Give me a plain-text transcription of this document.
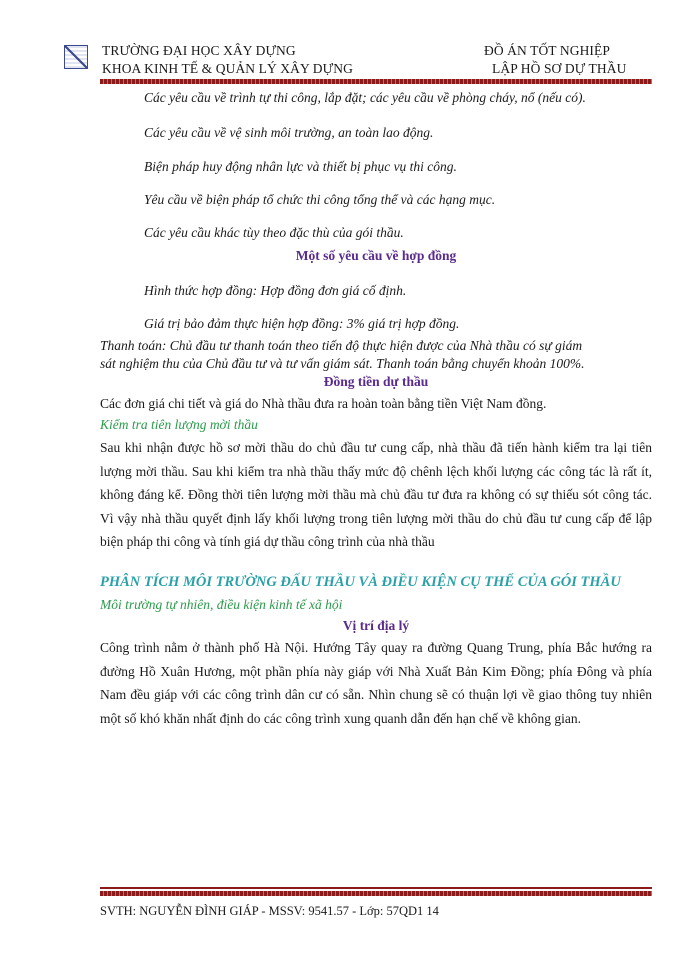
TRƯỜNG ĐẠI HỌC XÂY DỰNG
KHOA KINH TẾ & QUẢN LÝ XÂY DỰNG
ĐỒ ÁN TỐT NGHIỆP
LẬP HỒ SƠ DỰ THẦU
Các yêu cầu về trình tự thi công, lắp đặt; các yêu cầu về phòng cháy, nổ (nếu có).
Các yêu cầu về vệ sinh môi trường, an toàn lao động.
Biện pháp huy động nhân lực và thiết bị phục vụ thi công.
Yêu cầu về biện pháp tổ chức thi công tổng thể và các hạng mục.
Các yêu cầu khác tùy theo đặc thù của gói thầu.
Một số yêu cầu về hợp đồng
Hình thức hợp đồng: Hợp đồng đơn giá cố định.
Giá trị bảo đảm thực hiện hợp đồng: 3% giá trị hợp đồng.
Thanh toán: Chủ đầu tư thanh toán theo tiến độ thực hiện được của Nhà thầu có sự giám
sát nghiệm thu của Chủ đầu tư và tư vấn giám sát. Thanh toán bằng chuyển khoản 100%.
Đồng tiền dự thầu
Các đơn giá chi tiết và giá do Nhà thầu đưa ra hoàn toàn bằng tiền Việt Nam đồng.
Kiểm tra tiên lượng mời thầu
Sau khi nhận được hồ sơ mời thầu do chủ đầu tư cung cấp, nhà thầu đã tiến hành kiểm tra lại tiên lượng mời thầu. Sau khi kiểm tra nhà thầu thấy mức độ chênh lệch khối lượng các công tác là rất ít, không đáng kể. Đồng thời tiên lượng mời thầu mà chủ đầu tư đưa ra không có sự thiếu sót công tác. Vì vậy nhà thầu quyết định lấy khối lượng trong tiên lượng mời thầu do chủ đầu tư cung cấp để lập biện pháp thi công và tính giá dự thầu công trình của nhà thầu
PHÂN TÍCH MÔI TRƯỜNG ĐẤU THẦU VÀ ĐIỀU KIỆN CỤ THỂ CỦA GÓI THẦU
Môi trường tự nhiên, điều kiện kinh tế xã hội
Vị trí địa lý
Công trình nằm ở thành phố Hà Nội. Hướng Tây quay ra đường Quang Trung, phía Bắc hướng ra đường Hồ Xuân Hương, một phần phía này giáp với Nhà Xuất Bản Kim Đồng; phía Đông và phía Nam đều giáp với các công trình dân cư có sẵn. Nhìn chung sẽ có thuận lợi về giao thông tuy nhiên một số khó khăn nhất định do các công trình xung quanh dẫn đến hạn chế về không gian.
SVTH: NGUYỄN ĐÌNH GIÁP - MSSV: 9541.57 - Lớp: 57QD1 14
